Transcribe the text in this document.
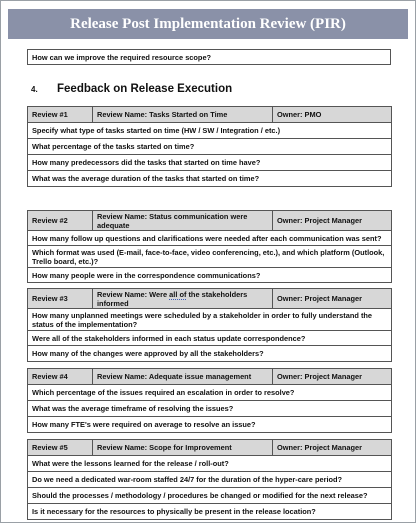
Release Post Implementation Review (PIR)
How can we improve the required resource scope?
4.	Feedback on Release Execution
Review #1	Review Name: Tasks Started on Time	Owner: PMO
Specify what type of tasks started on time (HW / SW / Integration / etc.)
What percentage of the tasks started on time?
How many predecessors did the tasks that started on time have?
What was the average duration of the tasks that started on time?
Review #2	Review Name: Status communication were adequate	Owner: Project Manager
How many follow up questions and clarifications were needed after each communication was sent?
Which format was used (E-mail, face-to-face, video conferencing, etc.), and which platform (Outlook, Trello board, etc.)?
How many people were in the correspondence communications?
Review #3	Review Name: Were all of the stakeholders informed	Owner: Project Manager
How many unplanned meetings were scheduled by a stakeholder in order to fully understand the status of the implementation?
Were all of the stakeholders informed in each status update correspondence?
How many of the changes were approved by all the stakeholders?
Review #4	Review Name: Adequate issue management	Owner: Project Manager
Which percentage of the issues required an escalation in order to resolve?
What was the average timeframe of resolving the issues?
How many FTE's were required on average to resolve an issue?
Review #5	Review Name: Scope for Improvement	Owner: Project Manager
What were the lessons learned for the release / roll-out?
Do we need a dedicated war-room staffed 24/7 for the duration of the hyper-care period?
Should the processes / methodology / procedures be changed or modified for the next release?
Is it necessary for the resources to physically be present in the release location?
